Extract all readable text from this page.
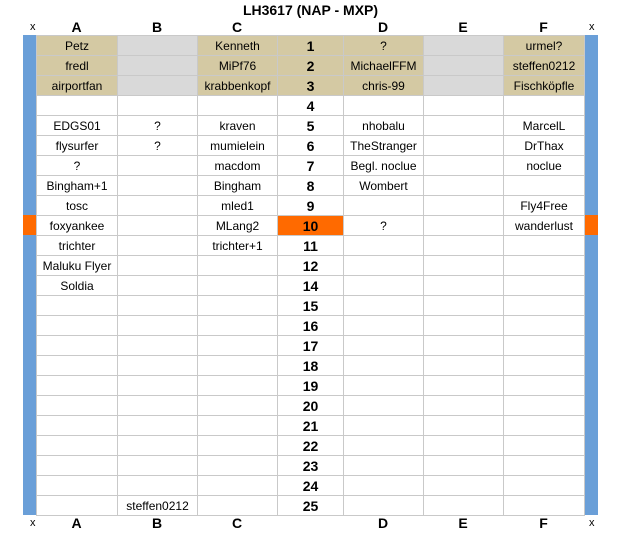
LH3617 (NAP - MXP)
x	A	B	C	D	E	F	x
Petz		Kenneth	1	?		urmel?
fredl		MiPf76	2	MichaelFFM		steffen0212
airportfan		krabbenkopf	3	chris-99		Fischköpfle
			4			
EDGS01	?	kraven	5	nhobalu		MarcelL
flysurfer	?	mumielein	6	TheStranger		DrThax
?		macdom	7	Begl. noclue		noclue
Bingham+1		Bingham	8	Wombert		
tosc		mled1	9			Fly4Free
foxyankee		MLang2	10	?		wanderlust
trichter		trichter+1	11			
Maluku Flyer			12			
Soldia			14			
			15			
			16			
			17			
			18			
			19			
			20			
			21			
			22			
			23			
			24			
	steffen0212		25			
x	A	B	C	D	E	F	x
